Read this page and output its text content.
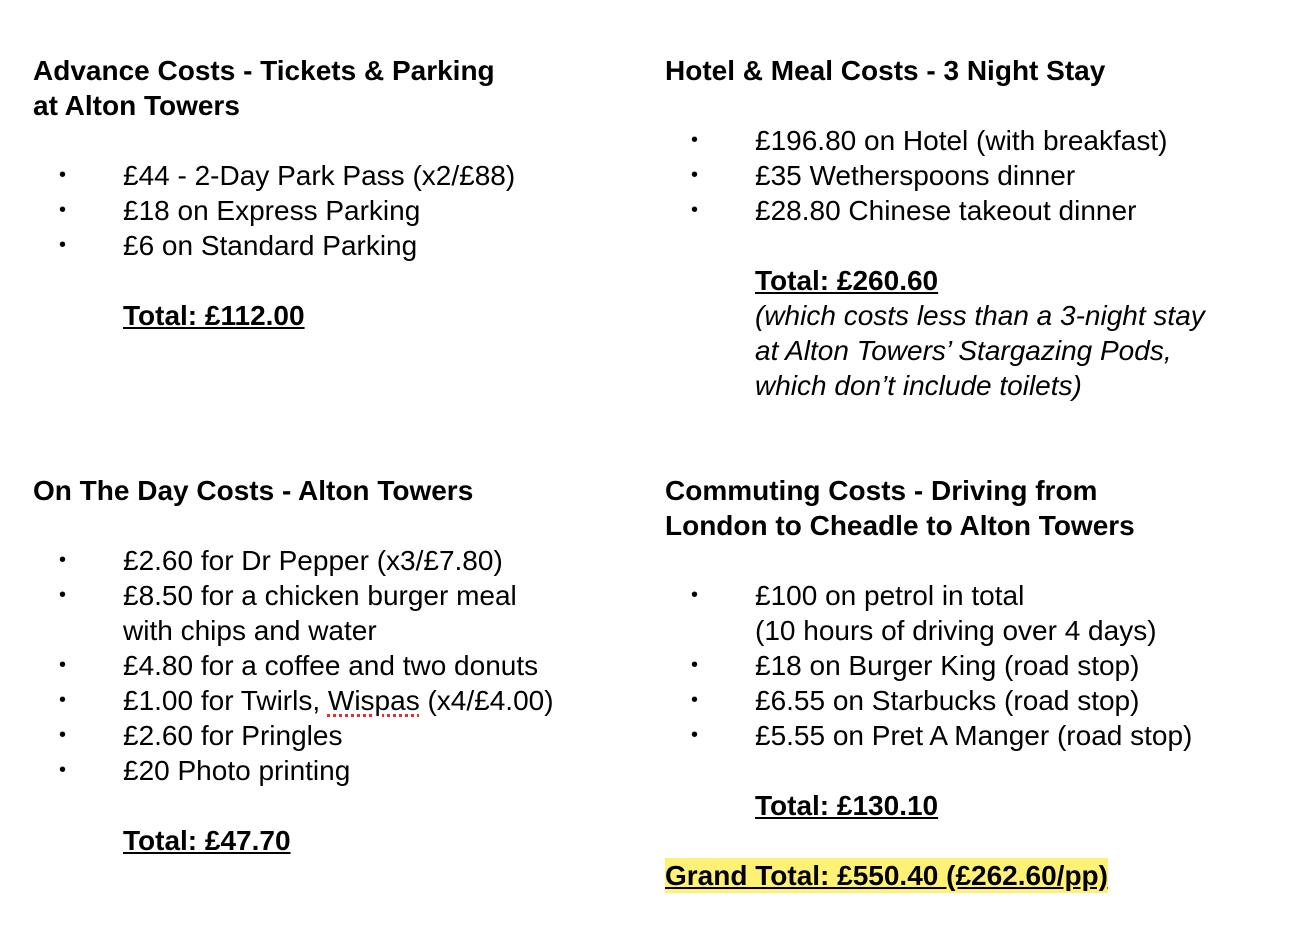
Advance Costs - Tickets & Parking
at Alton Towers
• £44 - 2-Day Park Pass (x2/£88)
• £18 on Express Parking
• £6 on Standard Parking
Total: £112.00
Hotel & Meal Costs - 3 Night Stay
• £196.80 on Hotel (with breakfast)
• £35 Wetherspoons dinner
• £28.80 Chinese takeout dinner
Total: £260.60
(which costs less than a 3-night stay
at Alton Towers’ Stargazing Pods,
which don’t include toilets)
On The Day Costs - Alton Towers
• £2.60 for Dr Pepper (x3/£7.80)
• £8.50 for a chicken burger meal
with chips and water
• £4.80 for a coffee and two donuts
• £1.00 for Twirls, Wispas (x4/£4.00)
• £2.60 for Pringles
• £20 Photo printing
Total: £47.70
Commuting Costs - Driving from
London to Cheadle to Alton Towers
• £100 on petrol in total
(10 hours of driving over 4 days)
• £18 on Burger King (road stop)
• £6.55 on Starbucks (road stop)
• £5.55 on Pret A Manger (road stop)
Total: £130.10
Grand Total: £550.40 (£262.60/pp)
